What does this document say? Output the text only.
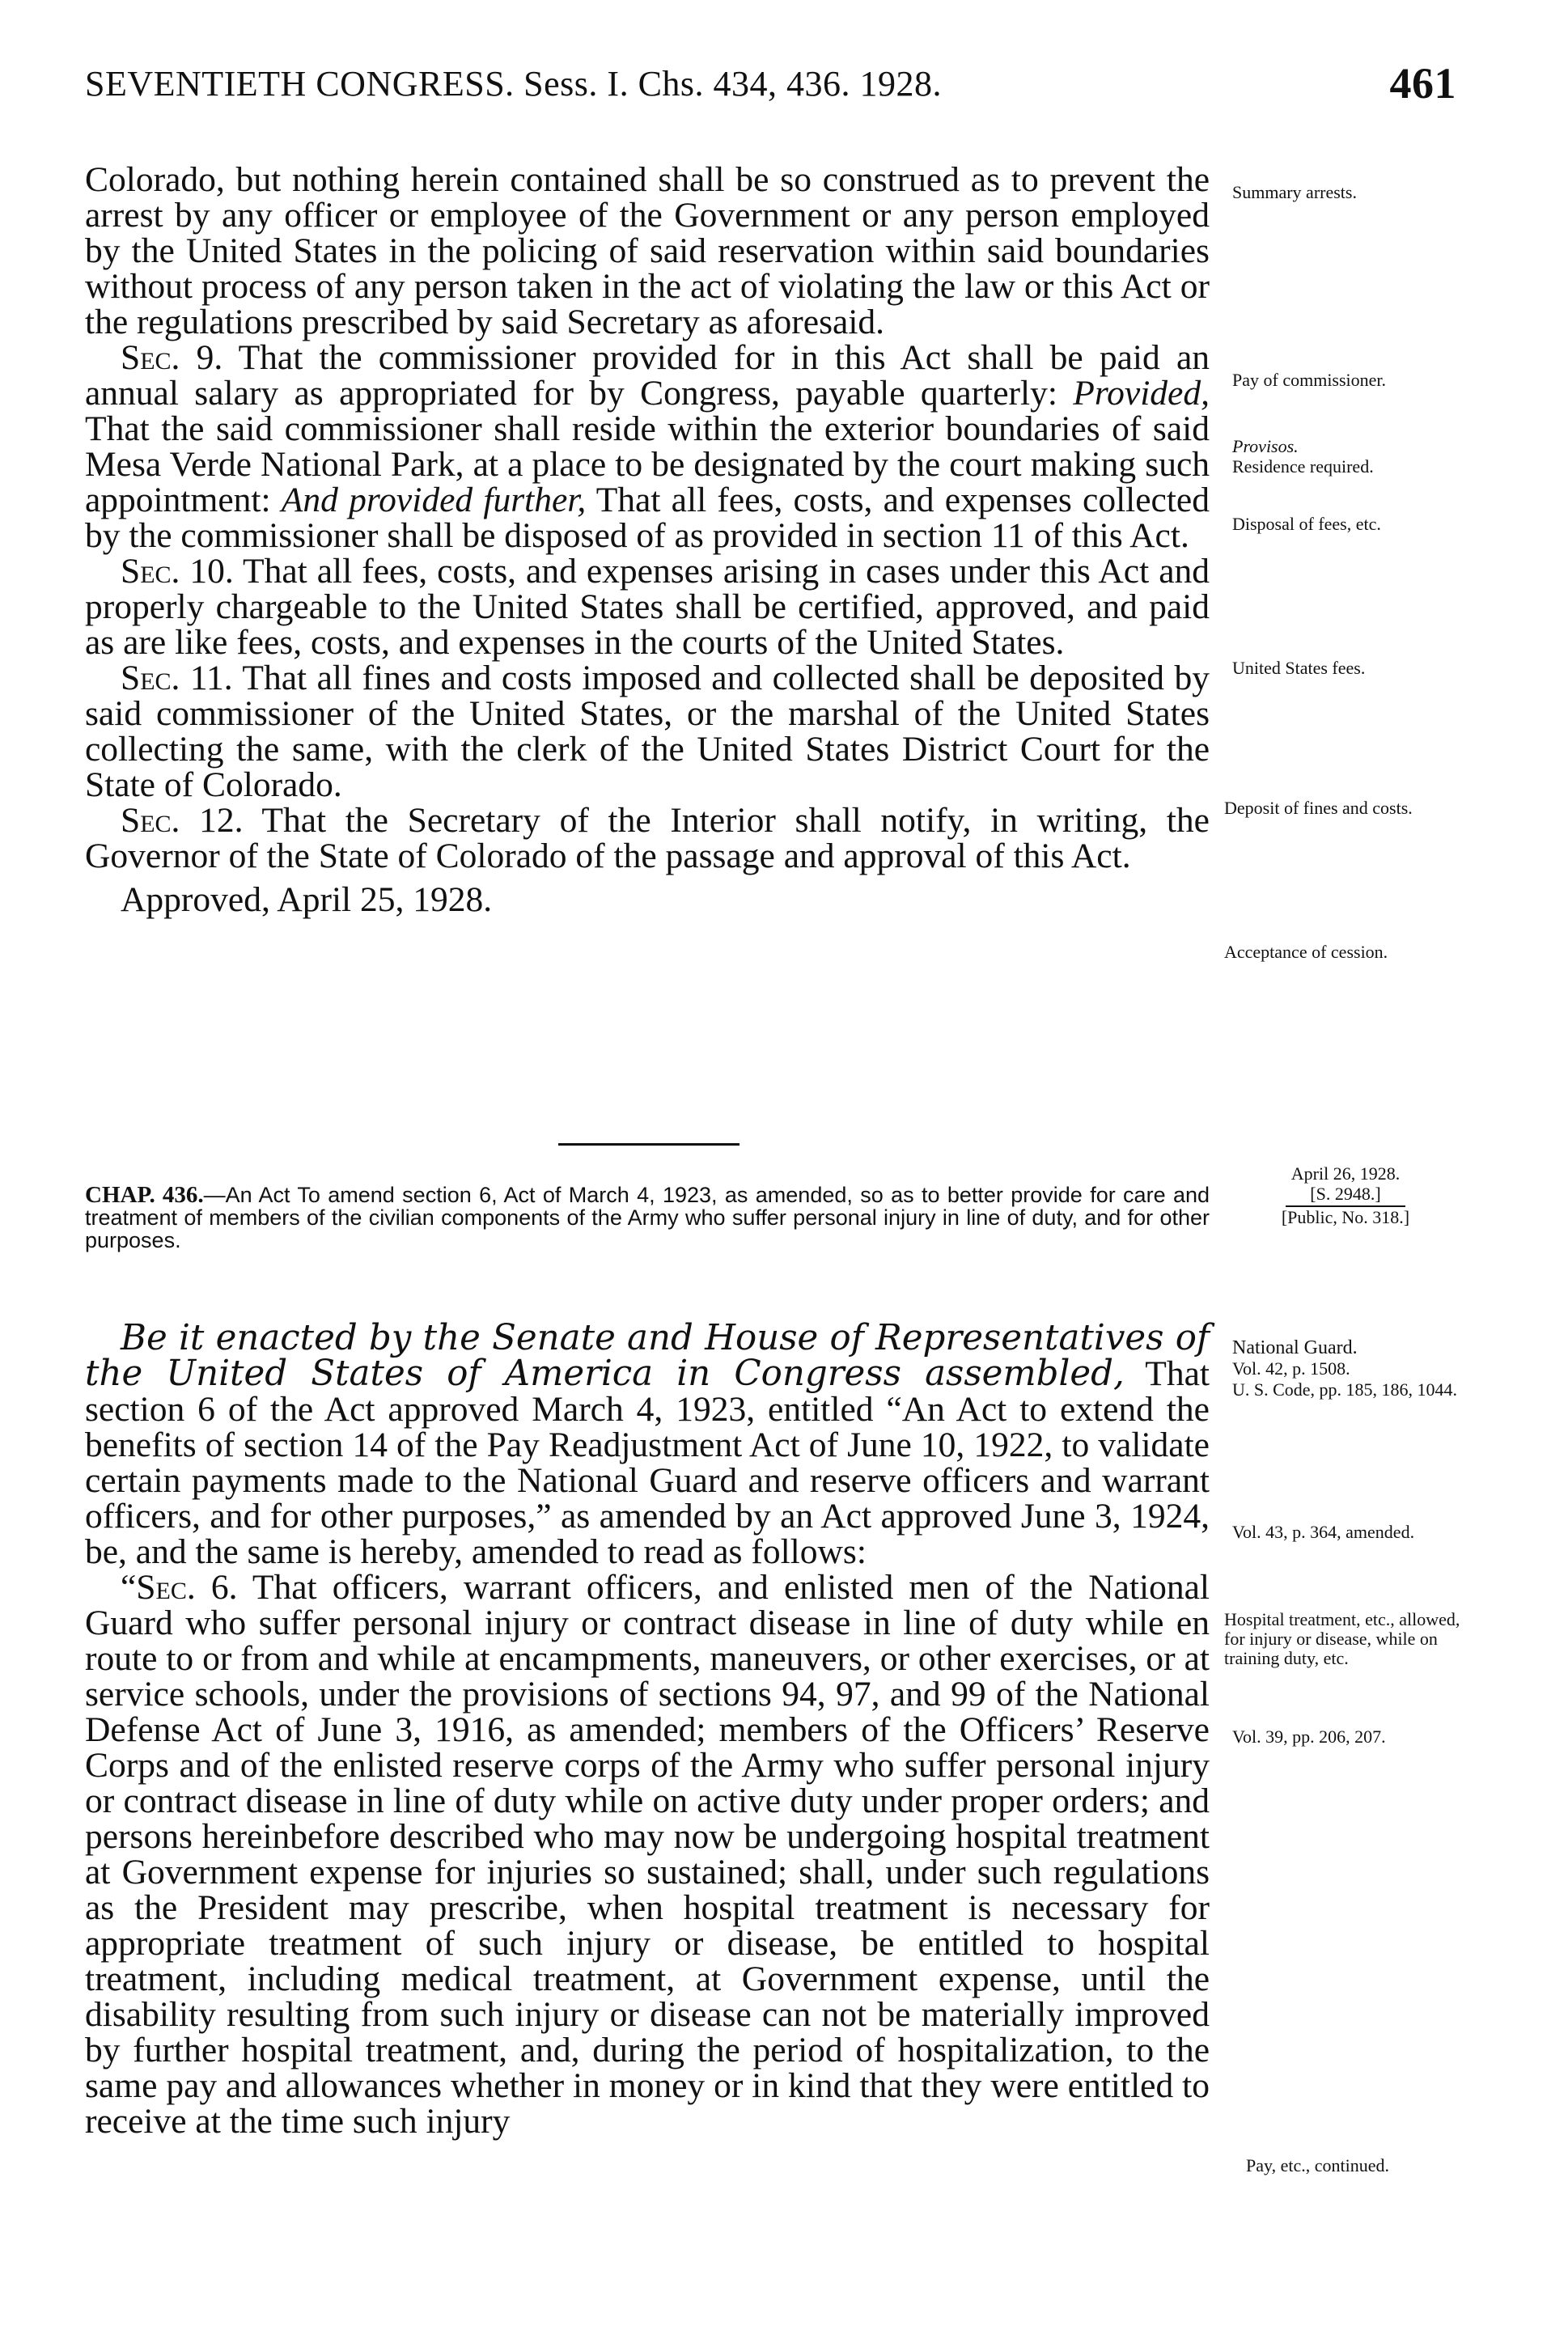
SEVENTIETH CONGRESS. Sess. I. Chs. 434, 436. 1928.	461

Colorado, but nothing herein contained shall be so construed as to prevent the arrest by any officer or employee of the Government or any person employed by the United States in the policing of said reservation within said boundaries without process of any person taken in the act of violating the law or this Act or the regulations prescribed by said Secretary as aforesaid.

Sec. 9. That the commissioner provided for in this Act shall be paid an annual salary as appropriated for by Congress, payable quarterly: Provided, That the said commissioner shall reside within the exterior boundaries of said Mesa Verde National Park, at a place to be designated by the court making such appointment: And provided further, That all fees, costs, and expenses collected by the commissioner shall be disposed of as provided in section 11 of this Act.

Sec. 10. That all fees, costs, and expenses arising in cases under this Act and properly chargeable to the United States shall be certified, approved, and paid as are like fees, costs, and expenses in the courts of the United States.

Sec. 11. That all fines and costs imposed and collected shall be deposited by said commissioner of the United States, or the marshal of the United States collecting the same, with the clerk of the United States District Court for the State of Colorado.

Sec. 12. That the Secretary of the Interior shall notify, in writing, the Governor of the State of Colorado of the passage and approval of this Act.

Approved, April 25, 1928.

Summary arrests.
Pay of commissioner.
Provisos.
Residence required.
Disposal of fees, etc.
United States fees.
Deposit of fines and costs.
Acceptance of cession.
April 26, 1928.
[S. 2948.]
[Public, No. 318.]
CHAP. 436.—An Act To amend section 6, Act of March 4, 1923, as amended, so as to better provide for care and treatment of members of the civilian components of the Army who suffer personal injury in line of duty, and for other purposes.

Be it enacted by the Senate and House of Representatives of the United States of America in Congress assembled, That section 6 of the Act approved March 4, 1923, entitled “An Act to extend the benefits of section 14 of the Pay Readjustment Act of June 10, 1922, to validate certain payments made to the National Guard and reserve officers and warrant officers, and for other purposes,” as amended by an Act approved June 3, 1924, be, and the same is hereby, amended to read as follows:

“Sec. 6. That officers, warrant officers, and enlisted men of the National Guard who suffer personal injury or contract disease in line of duty while en route to or from and while at encampments, maneuvers, or other exercises, or at service schools, under the provisions of sections 94, 97, and 99 of the National Defense Act of June 3, 1916, as amended; members of the Officers’ Reserve Corps and of the enlisted reserve corps of the Army who suffer personal injury or contract disease in line of duty while on active duty under proper orders; and persons hereinbefore described who may now be undergoing hospital treatment at Government expense for injuries so sustained; shall, under such regulations as the President may prescribe, when hospital treatment is necessary for appropriate treatment of such injury or disease, be entitled to hospital treatment, including medical treatment, at Government expense, until the disability resulting from such injury or disease can not be materially improved by further hospital treatment, and, during the period of hospitalization, to the same pay and allowances whether in money or in kind that they were entitled to receive at the time such injury

National Guard.
Vol. 42, p. 1508.
U. S. Code, pp. 185, 186, 1044.
Vol. 43, p. 364, amended.
Hospital treatment, etc., allowed, for injury or disease, while on training duty, etc.
Vol. 39, pp. 206, 207.
Pay, etc., continued.
